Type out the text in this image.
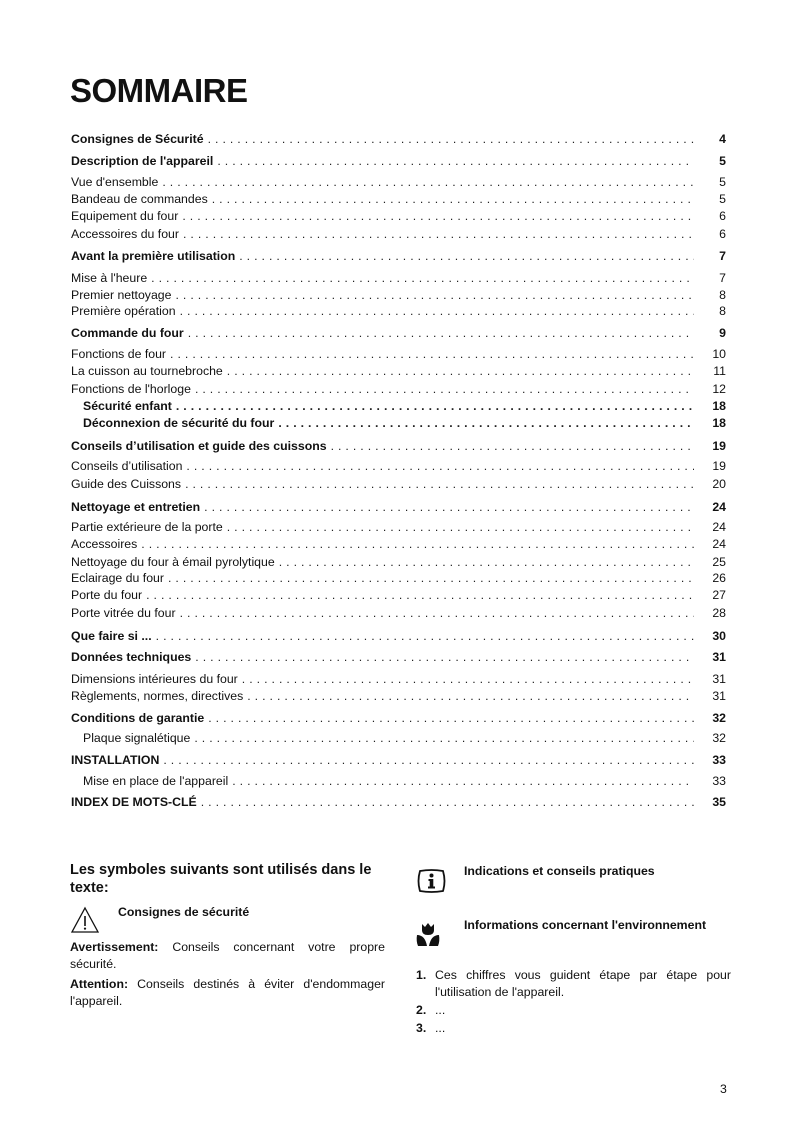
SOMMAIRE
Consignes de Sécurité . . .	4
Description de l'appareil . . .	5
Vue d'ensemble . . .	5
Bandeau de commandes . . .	5
Equipement du four . . .	6
Accessoires du four . . .	6
Avant la première utilisation . . .	7
Mise à l'heure . . .	7
Premier nettoyage . . .	8
Première opération . . .	8
Commande du four . . .	9
Fonctions de four . . .	10
La cuisson au tournebroche . . .	11
Fonctions de l'horloge . . .	12
Sécurité enfant . . .	18
Déconnexion de sécurité du four . . .	18
Conseils d’utilisation et guide des cuissons . . .	19
Conseils d’utilisation . . .	19
Guide des Cuissons . . .	20
Nettoyage et entretien . . .	24
Partie extérieure de la porte . . .	24
Accessoires . . .	24
Nettoyage du four à émail pyrolytique . . .	25
Eclairage du four . . .	26
Porte du four . . .	27
Porte vitrée du four . . .	28
Que faire si ... . . .	30
Données techniques . . .	31
Dimensions intérieures du four . . .	31
Règlements, normes, directives . . .	31
Conditions de garantie . . .	32
Plaque signalétique . . .	32
INSTALLATION . . .	33
Mise en place de l'appareil . . .	33
INDEX DE MOTS-CLÉ . . .	35
Les symboles suivants sont utilisés dans le texte:
Consignes de sécurité
Avertissement: Conseils concernant votre propre sécurité.
Attention: Conseils destinés à éviter d'endommager l'appareil.
Indications et conseils pratiques
Informations concernant l'environnement
1. Ces chiffres vous guident étape par étape pour l'utilisation de l'appareil.
2. ...
3. ...
3
